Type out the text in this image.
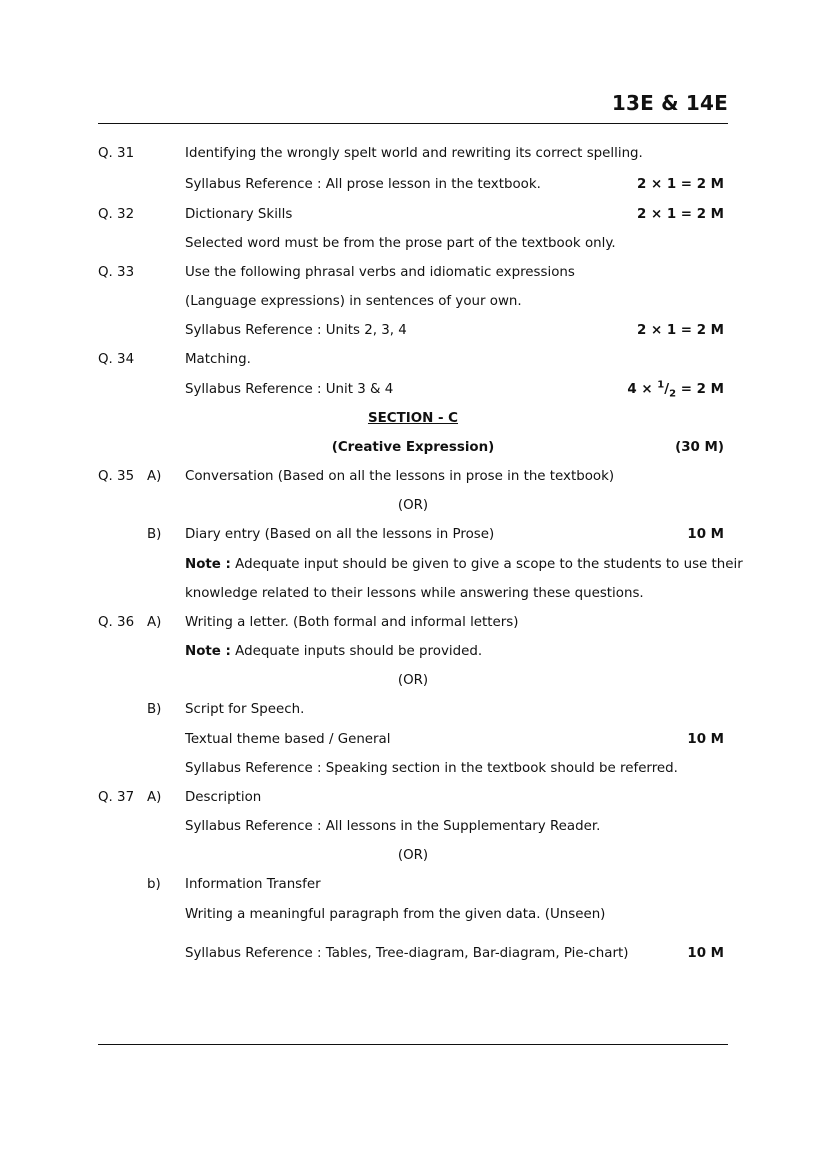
13E & 14E
Q. 31	Identifying the wrongly spelt world and rewriting its correct spelling.
Syllabus Reference : All prose lesson in the textbook.	2 × 1 = 2 M
Q. 32	Dictionary Skills	2 × 1 = 2 M
Selected word must be from the prose part of the textbook only.
Q. 33	Use the following phrasal verbs and idiomatic expressions
(Language expressions) in sentences of your own.
Syllabus Reference : Units 2, 3, 4	2 × 1 = 2 M
Q. 34	Matching.
Syllabus Reference : Unit 3 & 4	$4 \times ^1/_2 = 2$ M
SECTION - C
(Creative Expression)	(30 M)
Q. 35 A) Conversation (Based on all the lessons in prose in the textbook)
(OR)
B) Diary entry (Based on all the lessons in Prose)	10 M
Note : Adequate input should be given to give a scope to the students to use their
knowledge related to their lessons while answering these questions.
Q. 36 A) Writing a letter. (Both formal and informal letters)
Note : Adequate inputs should be provided.
(OR)
B) Script for Speech.
Textual theme based / General	10 M
Syllabus Reference : Speaking section in the textbook should be referred.
Q. 37 A) Description
Syllabus Reference : All lessons in the Supplementary Reader.
(OR)
b) Information Transfer
Writing a meaningful paragraph from the given data. (Unseen)
Syllabus Reference : Tables, Tree-diagram, Bar-diagram, Pie-chart)	10 M
